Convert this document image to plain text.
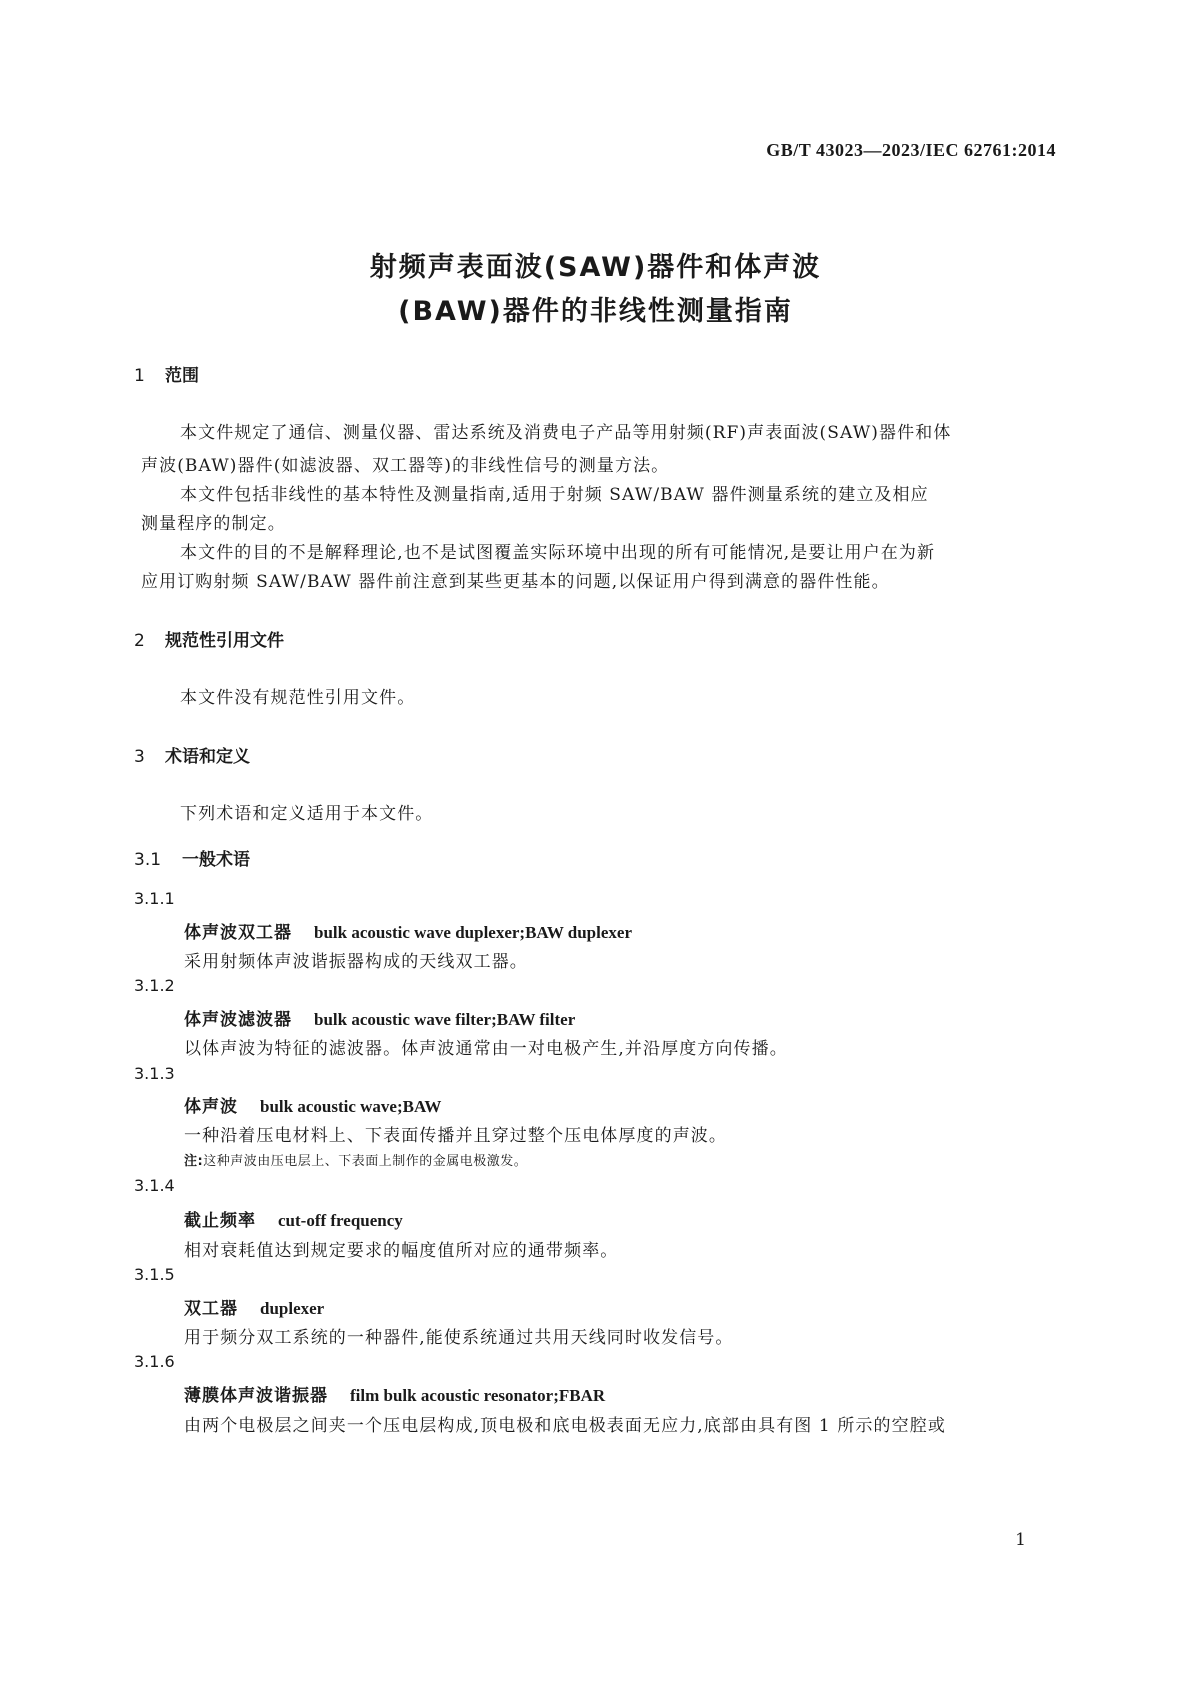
GB/T 43023—2023/IEC 62761:2014
射频声表面波(SAW)器件和体声波
(BAW)器件的非线性测量指南
1 范围
本文件规定了通信、测量仪器、雷达系统及消费电子产品等用射频(RF)声表面波(SAW)器件和体
声波(BAW)器件(如滤波器、双工器等)的非线性信号的测量方法。
本文件包括非线性的基本特性及测量指南,适用于射频 SAW/BAW 器件测量系统的建立及相应
测量程序的制定。
本文件的目的不是解释理论,也不是试图覆盖实际环境中出现的所有可能情况,是要让用户在为新
应用订购射频 SAW/BAW 器件前注意到某些更基本的问题,以保证用户得到满意的器件性能。
2 规范性引用文件
本文件没有规范性引用文件。
3 术语和定义
下列术语和定义适用于本文件。
3.1 一般术语
3.1.1
体声波双工器 bulk acoustic wave duplexer;BAW duplexer
采用射频体声波谐振器构成的天线双工器。
3.1.2
体声波滤波器 bulk acoustic wave filter;BAW filter
以体声波为特征的滤波器。体声波通常由一对电极产生,并沿厚度方向传播。
3.1.3
体声波 bulk acoustic wave;BAW
一种沿着压电材料上、下表面传播并且穿过整个压电体厚度的声波。
注:这种声波由压电层上、下表面上制作的金属电极激发。
3.1.4
截止频率 cut-off frequency
相对衰耗值达到规定要求的幅度值所对应的通带频率。
3.1.5
双工器 duplexer
用于频分双工系统的一种器件,能使系统通过共用天线同时收发信号。
3.1.6
薄膜体声波谐振器 film bulk acoustic resonator;FBAR
由两个电极层之间夹一个压电层构成,顶电极和底电极表面无应力,底部由具有图 1 所示的空腔或
1
